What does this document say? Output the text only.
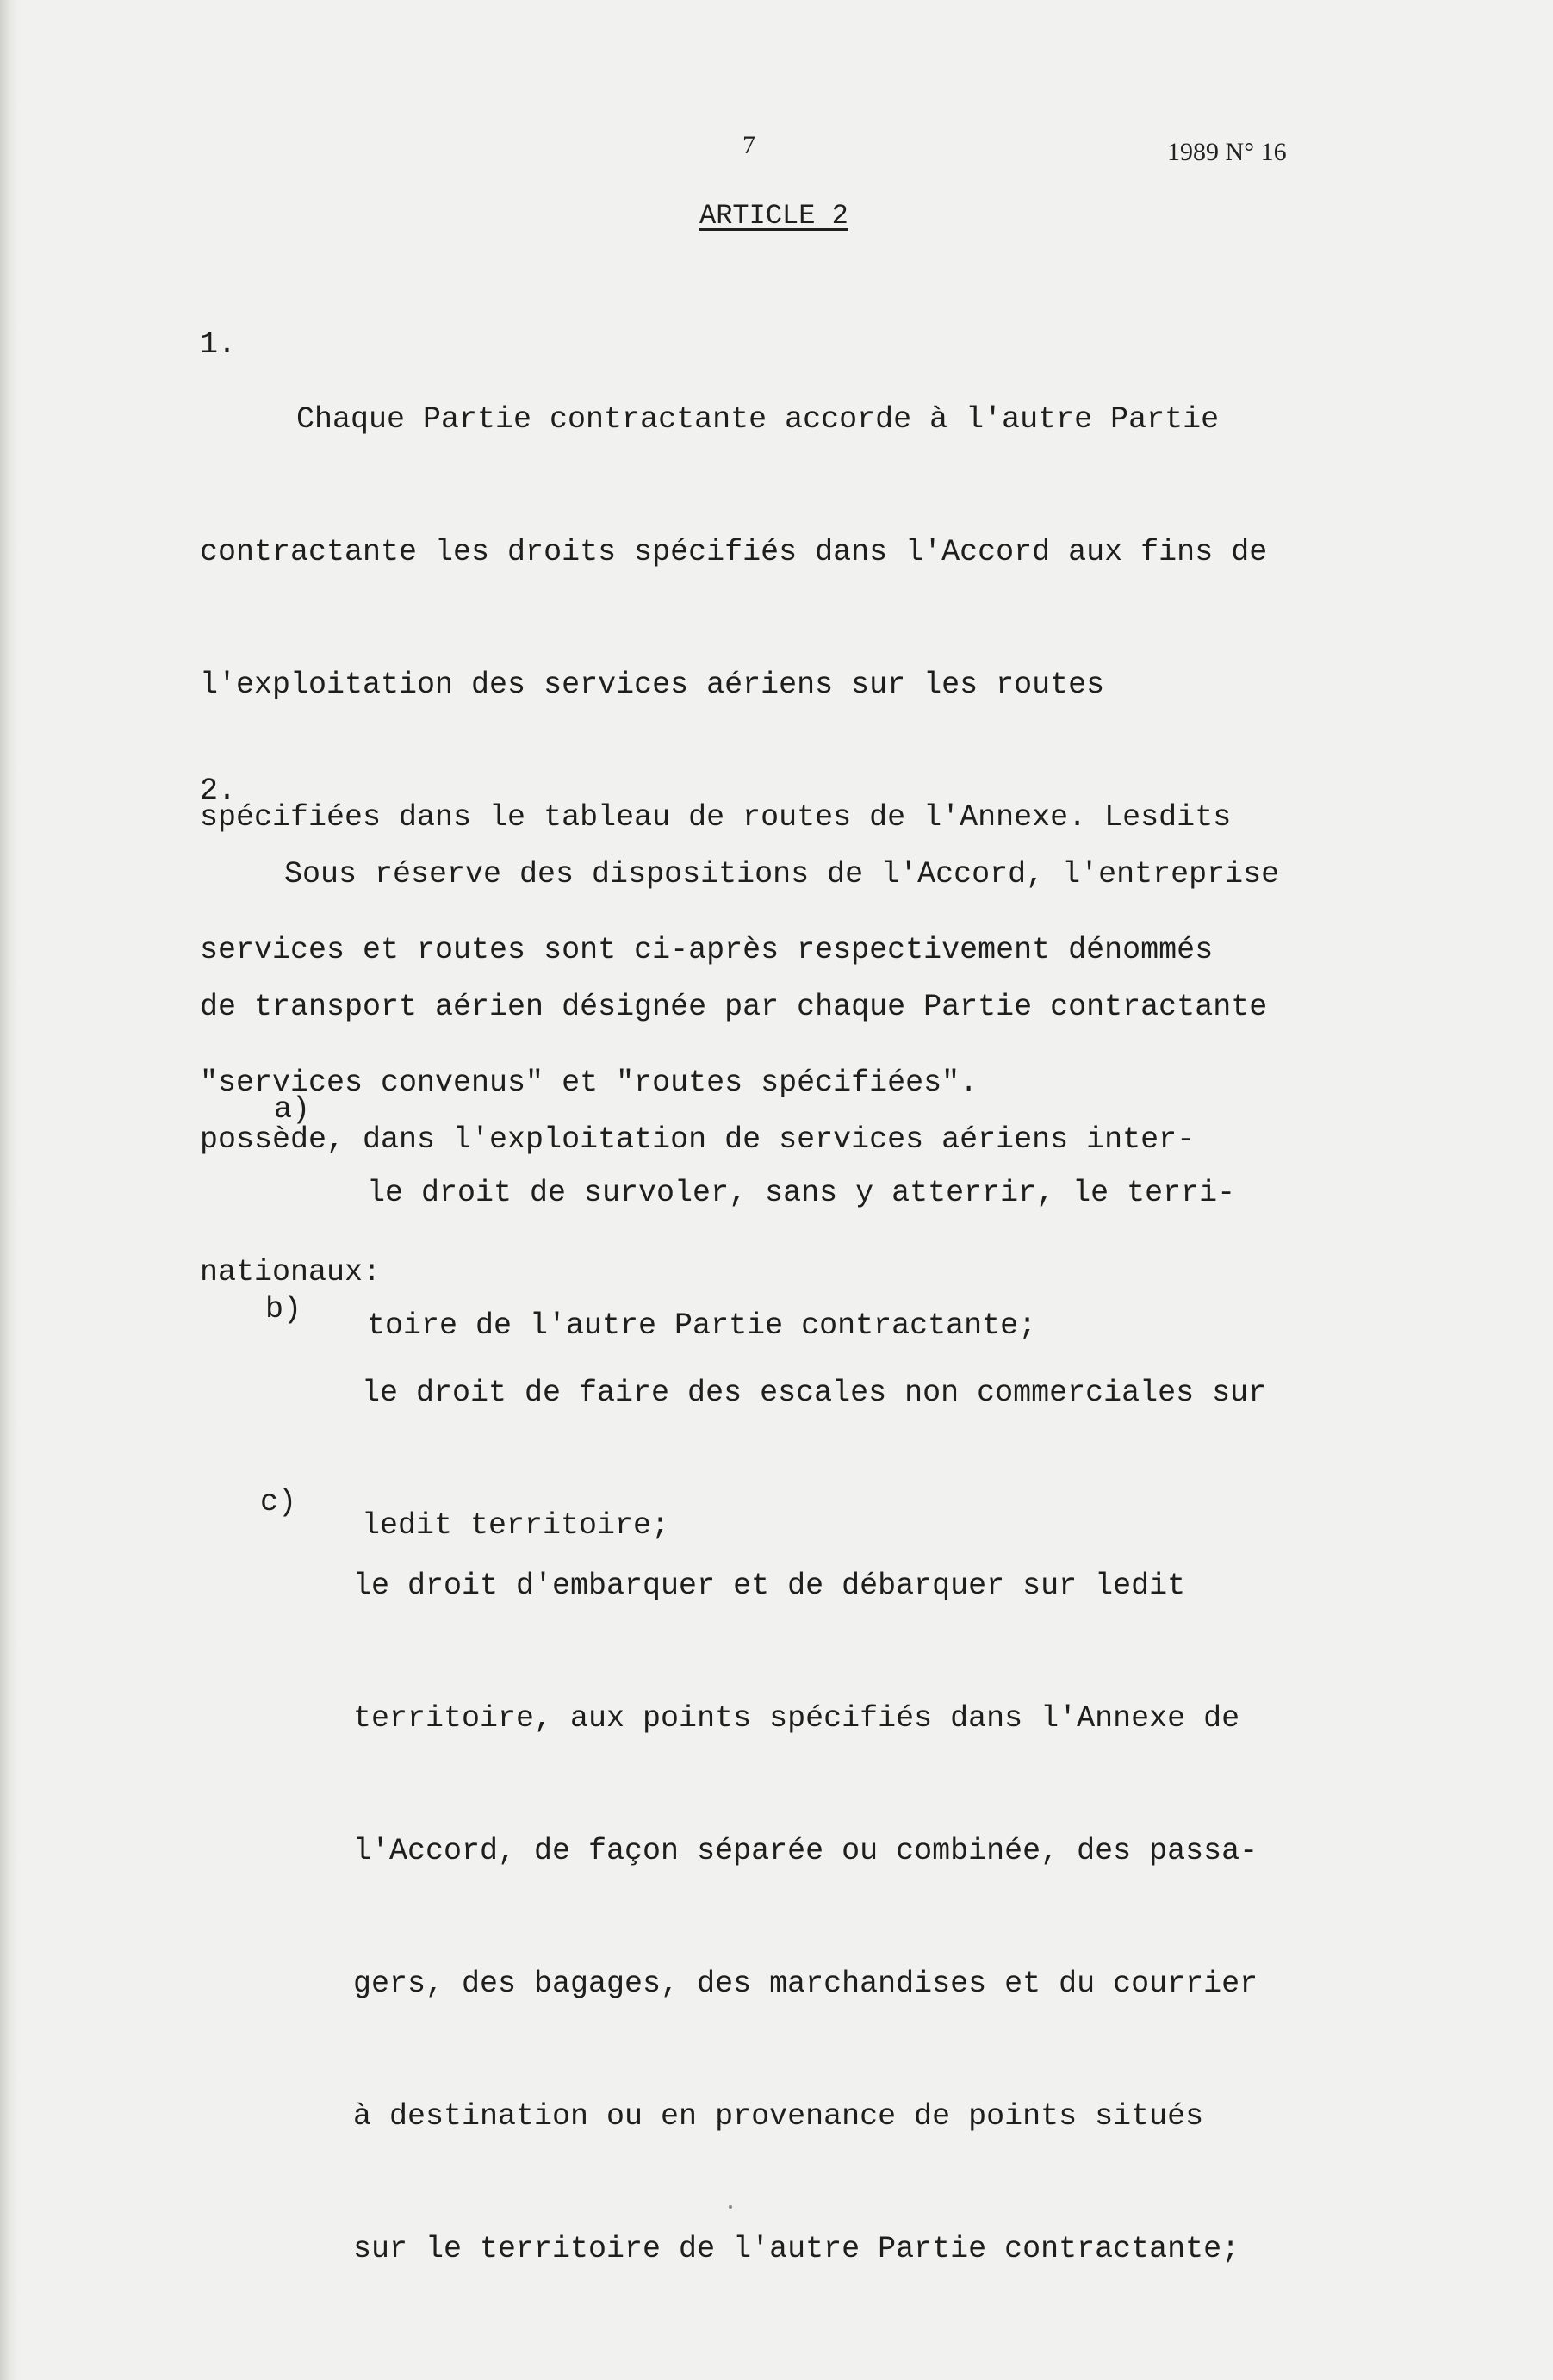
7	1989 N° 16
ARTICLE 2
1.

Chaque Partie contractante accorde à l'autre Partie

contractante les droits spécifiés dans l'Accord aux fins de

l'exploitation des services aériens sur les routes

spécifiées dans le tableau de routes de l'Annexe. Lesdits

services et routes sont ci-après respectivement dénommés

"services convenus" et "routes spécifiées".

2.

Sous réserve des dispositions de l'Accord, l'entreprise

de transport aérien désignée par chaque Partie contractante

possède, dans l'exploitation de services aériens inter-

nationaux:

a)

le droit de survoler, sans y atterrir, le terri-

toire de l'autre Partie contractante;

b)

le droit de faire des escales non commerciales sur

ledit territoire;

c)

le droit d'embarquer et de débarquer sur ledit

territoire, aux points spécifiés dans l'Annexe de

l'Accord, de façon séparée ou combinée, des passa-

gers, des bagages, des marchandises et du courrier

à destination ou en provenance de points situés

sur le territoire de l'autre Partie contractante;
